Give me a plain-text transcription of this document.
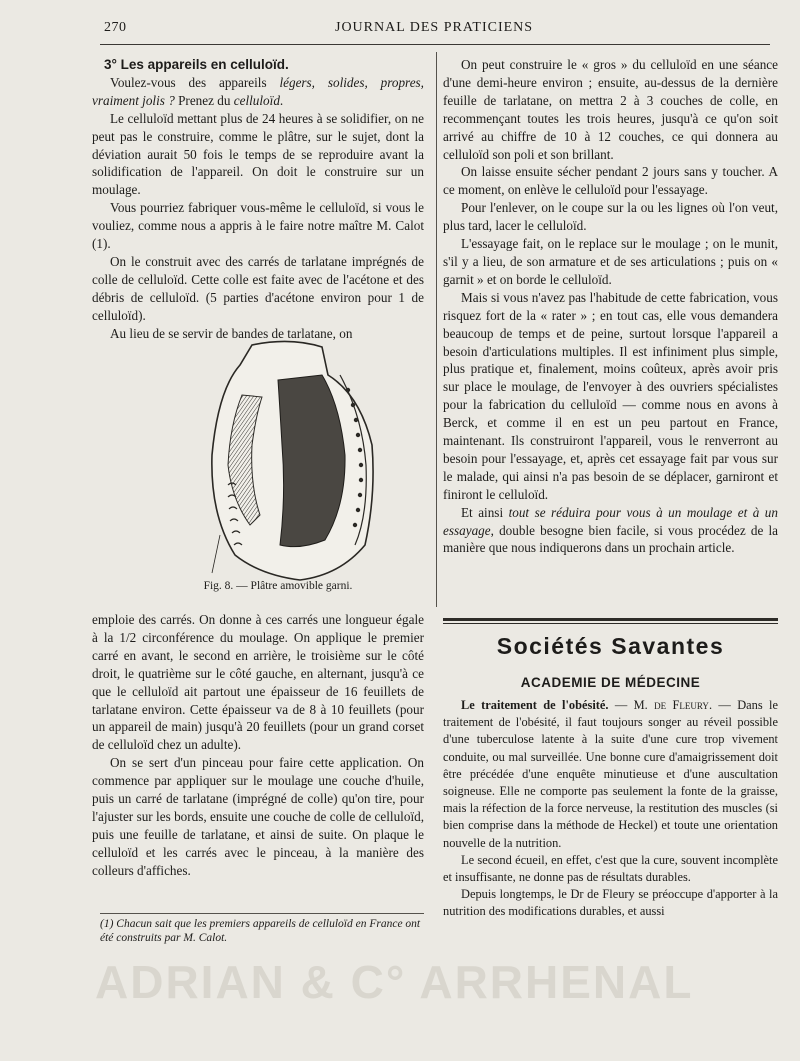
ADRIAN & C° ARRHENAL
270	JOURNAL DES PRATICIENS

3° Les appareils en celluloïd.

Voulez-vous des appareils légers, solides, propres, vraiment jolis ? Prenez du celluloïd.

Le celluloïd mettant plus de 24 heures à se solidifier, on ne peut pas le construire, comme le plâtre, sur le sujet, dont la déviation aurait 50 fois le temps de se reproduire avant la solidification de l'appareil. On doit le construire sur un moulage.

Vous pourriez fabriquer vous-même le celluloïd, si vous le vouliez, comme nous a appris à le faire notre maître M. Calot (1).

On le construit avec des carrés de tarlatane imprégnés de colle de celluloïd. Cette colle est faite avec de l'acétone et des débris de celluloïd. (5 parties d'acétone environ pour 1 de celluloïd).

Au lieu de se servir de bandes de tarlatane, on

Fig. 8. — Plâtre amovible garni.

emploie des carrés. On donne à ces carrés une longueur égale à la 1/2 circonférence du moulage. On applique le premier carré en avant, le second en arrière, le troisième sur le côté droit, le quatrième sur le côté gauche, en alternant, jusqu'à ce que le celluloïd ait partout une épaisseur de 16 feuillets de tarlatane environ. Cette épaisseur va de 8 à 10 feuillets (pour un appareil de main) jusqu'à 20 feuillets (pour un grand corset de celluloïd chez un adulte).

On se sert d'un pinceau pour faire cette application. On commence par appliquer sur le moulage une couche d'huile, puis un carré de tarlatane (imprégné de colle) qu'on tire, pour l'ajuster sur les bords, ensuite une couche de colle de celluloïd, puis une feuille de tarlatane, et ainsi de suite. On plaque le celluloïd et les carrés avec le pinceau, à la manière des colleurs d'affiches.

(1) Chacun sait que les premiers appareils de celluloïd en France ont été construits par M. Calot.

On peut construire le « gros » du celluloïd en une séance d'une demi-heure environ ; ensuite, au-dessus de la dernière feuille de tarlatane, on mettra 2 à 3 couches de colle, en recommençant toutes les trois heures, jusqu'à ce qu'on soit arrivé au chiffre de 10 à 12 couches, ce qui donnera au celluloïd son poli et son brillant.

On laisse ensuite sécher pendant 2 jours sans y toucher. A ce moment, on enlève le celluloïd pour l'essayage.

Pour l'enlever, on le coupe sur la ou les lignes où l'on veut, plus tard, lacer le celluloïd.

L'essayage fait, on le replace sur le moulage ; on le munit, s'il y a lieu, de son armature et de ses articulations ; puis on « garnit » et on borde le celluloïd.

Mais si vous n'avez pas l'habitude de cette fabrication, vous risquez fort de la « rater » ; en tout cas, elle vous demandera beaucoup de temps et de peine, surtout lorsque l'appareil a besoin d'articulations multiples. Il est infiniment plus simple, plus pratique et, finalement, moins coûteux, après avoir pris sur place le moulage, de l'envoyer à des ouvriers spécialistes pour la fabrication du celluloïd — comme nous en avons à Berck, et comme il en est un peu partout en France, maintenant. Ils construiront l'appareil, vous le renverront au besoin pour l'essayage, et, après cet essayage fait par vous sur le malade, qui ainsi n'a pas besoin de se déplacer, garniront et finiront le celluloïd.

Et ainsi tout se réduira pour vous à un moulage et à un essayage, double besogne bien facile, si vous procédez de la manière que nous indiquerons dans un prochain article.

Sociétés Savantes
ACADEMIE DE MÉDECINE

Le traitement de l'obésité. — M. de Fleury. — Dans le traitement de l'obésité, il faut toujours songer au réveil possible d'une tuberculose latente à la suite d'une cure trop vivement conduite, ou mal surveillée. Une bonne cure d'amaigrissement doit être précédée d'une enquête minutieuse et d'une auscultation soigneuse. Elle ne comporte pas seulement la fonte de la graisse, mais la réfection de la force nerveuse, la restitution des muscles (si bien comprise dans la méthode de Heckel) et toute une orientation nouvelle de la nutrition.

Le second écueil, en effet, c'est que la cure, souvent incomplète et insuffisante, ne donne pas de résultats durables.

Depuis longtemps, le Dr de Fleury se préoccupe d'apporter à la nutrition des modifications durables, et aussi
